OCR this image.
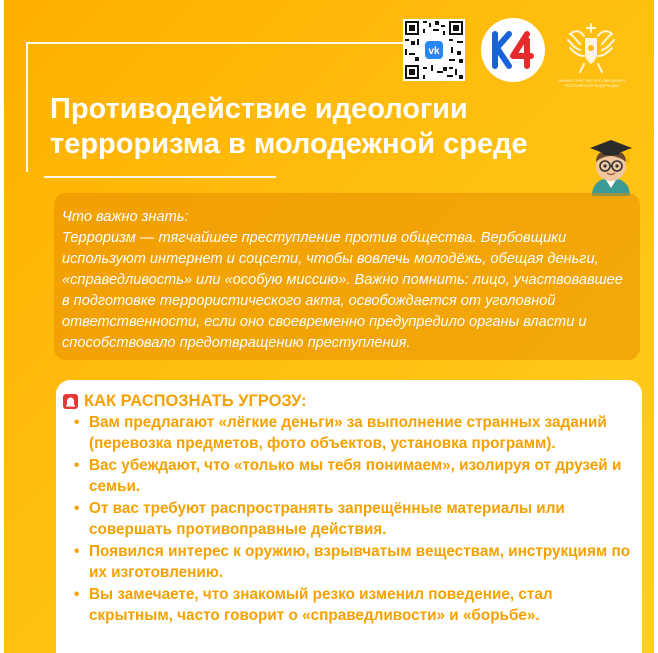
vk
МИНИСТЕРСТВО ПРОСВЕЩЕНИЯ РОССИЙСКОЙ ФЕДЕРАЦИИ
Противодействие идеологии
терроризма в молодежной среде

Что важно знать:

Терроризм — тягчайшее преступление против общества. Вербовщики используют интернет и соцсети, чтобы вовлечь молодёжь, обещая деньги, «справедливость» или «особую миссию». Важно помнить: лицо, участвовавшее в подготовке террористического акта, освобождается от уголовной ответственности, если оно своевременно предупредило органы власти и способствовало предотвращению преступления.

КАК РАСПОЗНАТЬ УГРОЗУ:
• Вам предлагают «лёгкие деньги» за выполнение странных заданий (перевозка предметов, фото объектов, установка программ).
• Вас убеждают, что «только мы тебя понимаем», изолируя от друзей и семьи.
• От вас требуют распространять запрещённые материалы или совершать противоправные действия.
• Появился интерес к оружию, взрывчатым веществам, инструкциям по их изготовлению.
• Вы замечаете, что знакомый резко изменил поведение, стал скрытным, часто говорит о «справедливости» и «борьбе».
